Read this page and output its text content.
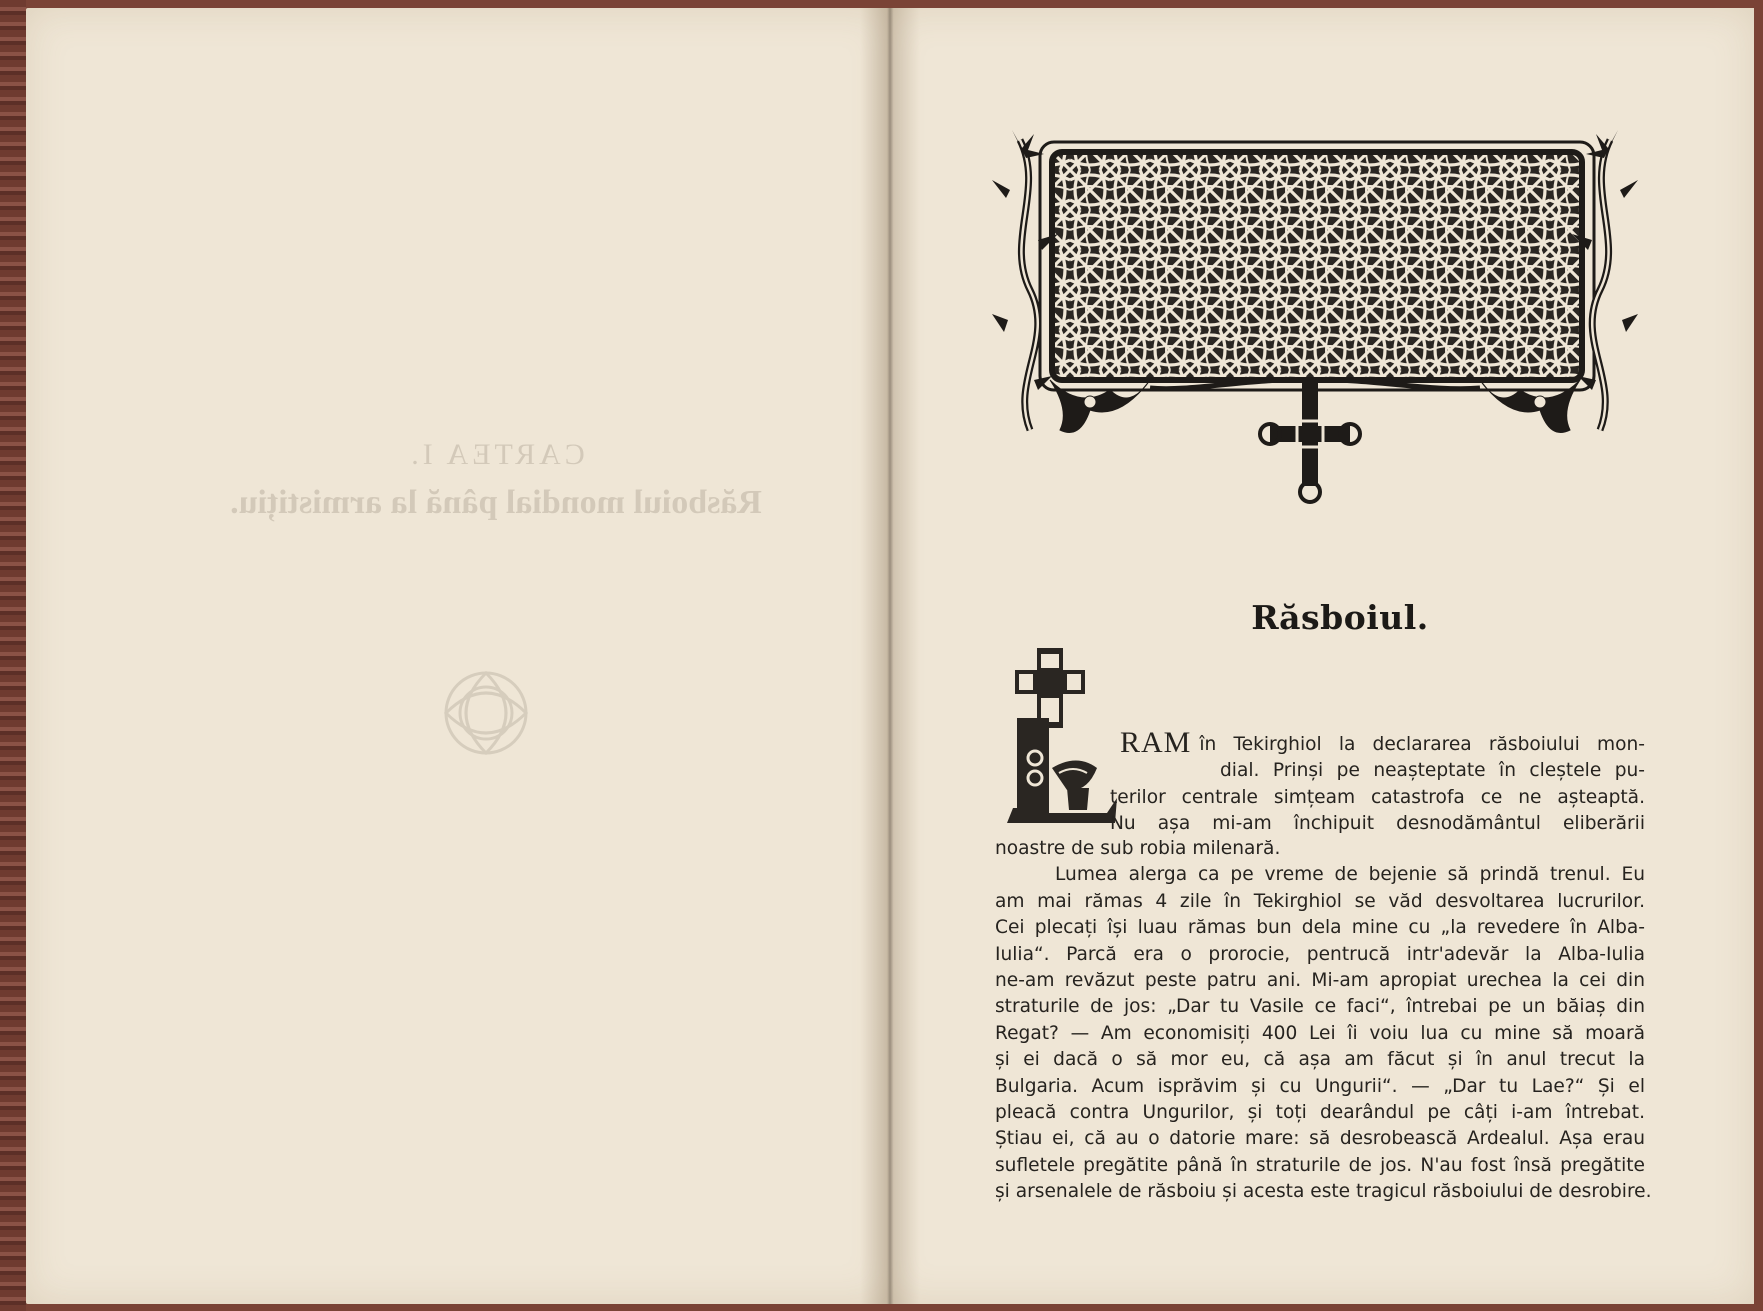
CARTEA I.
Răsboiul mondial până la armistițiu.
Răsboiul.
RAM în Tekirghiol la declararea răsboiului mon-
dial. Prinși pe neașteptate în cleștele pu-
terilor centrale simțeam catastrofa ce ne așteaptă.
Nu așa mi-am închipuit desnodământul eliberării
noastre de sub robia milenară.
Lumea alerga ca pe vreme de bejenie să prindă trenul. Eu
am mai rămas 4 zile în Tekirghiol se văd desvoltarea lucrurilor.
Cei plecați își luau rămas bun dela mine cu „la revedere în Alba-
Iulia“. Parcă era o prorocie, pentrucă intr'adevăr la Alba-Iulia
ne-am revăzut peste patru ani. Mi-am apropiat urechea la cei din
straturile de jos: „Dar tu Vasile ce faci“, întrebai pe un băiaș din
Regat? — Am economisiți 400 Lei îi voiu lua cu mine să moară
și ei dacă o să mor eu, că așa am făcut și în anul trecut la
Bulgaria. Acum isprăvim și cu Ungurii“. — „Dar tu Lae?“ Și el
pleacă contra Ungurilor, și toți dearândul pe câți i-am întrebat.
Știau ei, că au o datorie mare: să desrobească Ardealul. Așa erau
sufletele pregătite până în straturile de jos. N'au fost însă pregătite
și arsenalele de răsboiu și acesta este tragicul răsboiului de desrobire.
